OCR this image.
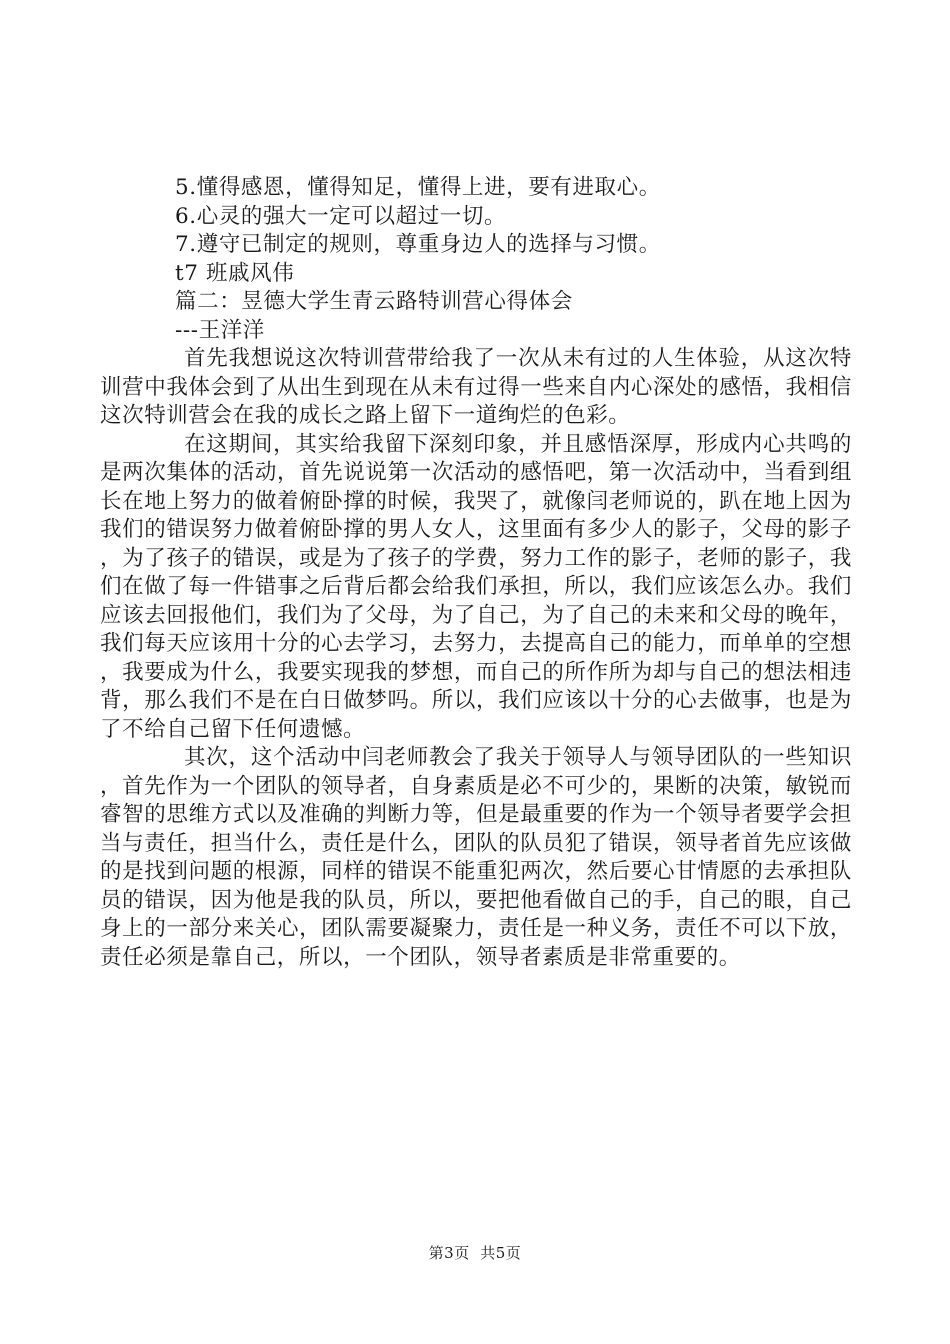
5.懂得感恩，懂得知足，懂得上进，要有进取心。

6.心灵的强大一定可以超过一切。

7.遵守已制定的规则，尊重身边人的选择与习惯。

t7 班戚风伟

篇二：昱德大学生青云路特训营心得体会

---王洋洋

首先我想说这次特训营带给我了一次从未有过的人生体验，从这次特训营中我体会到了从出生到现在从未有过得一些来自内心深处的感悟，我相信这次特训营会在我的成长之路上留下一道绚烂的色彩。

在这期间，其实给我留下深刻印象，并且感悟深厚，形成内心共鸣的是两次集体的活动，首先说说第一次活动的感悟吧，第一次活动中，当看到组长在地上努力的做着俯卧撑的时候，我哭了，就像闫老师说的，趴在地上因为我们的错误努力做着俯卧撑的男人女人，这里面有多少人的影子，父母的影子，为了孩子的错误，或是为了孩子的学费，努力工作的影子，老师的影子，我们在做了每一件错事之后背后都会给我们承担，所以，我们应该怎么办。我们应该去回报他们，我们为了父母，为了自己，为了自己的未来和父母的晚年，我们每天应该用十分的心去学习，去努力，去提高自己的能力，而单单的空想，我要成为什么，我要实现我的梦想，而自己的所作所为却与自己的想法相违背，那么我们不是在白日做梦吗。所以，我们应该以十分的心去做事，也是为了不给自己留下任何遗憾。

其次，这个活动中闫老师教会了我关于领导人与领导团队的一些知识，首先作为一个团队的领导者，自身素质是必不可少的，果断的决策，敏锐而睿智的思维方式以及准确的判断力等，但是最重要的作为一个领导者要学会担当与责任，担当什么，责任是什么，团队的队员犯了错误，领导者首先应该做的是找到问题的根源，同样的错误不能重犯两次，然后要心甘情愿的去承担队员的错误，因为他是我的队员，所以，要把他看做自己的手，自己的眼，自己身上的一部分来关心，团队需要凝聚力，责任是一种义务，责任不可以下放，责任必须是靠自己，所以，一个团队，领导者素质是非常重要的。

第3页 共5页
